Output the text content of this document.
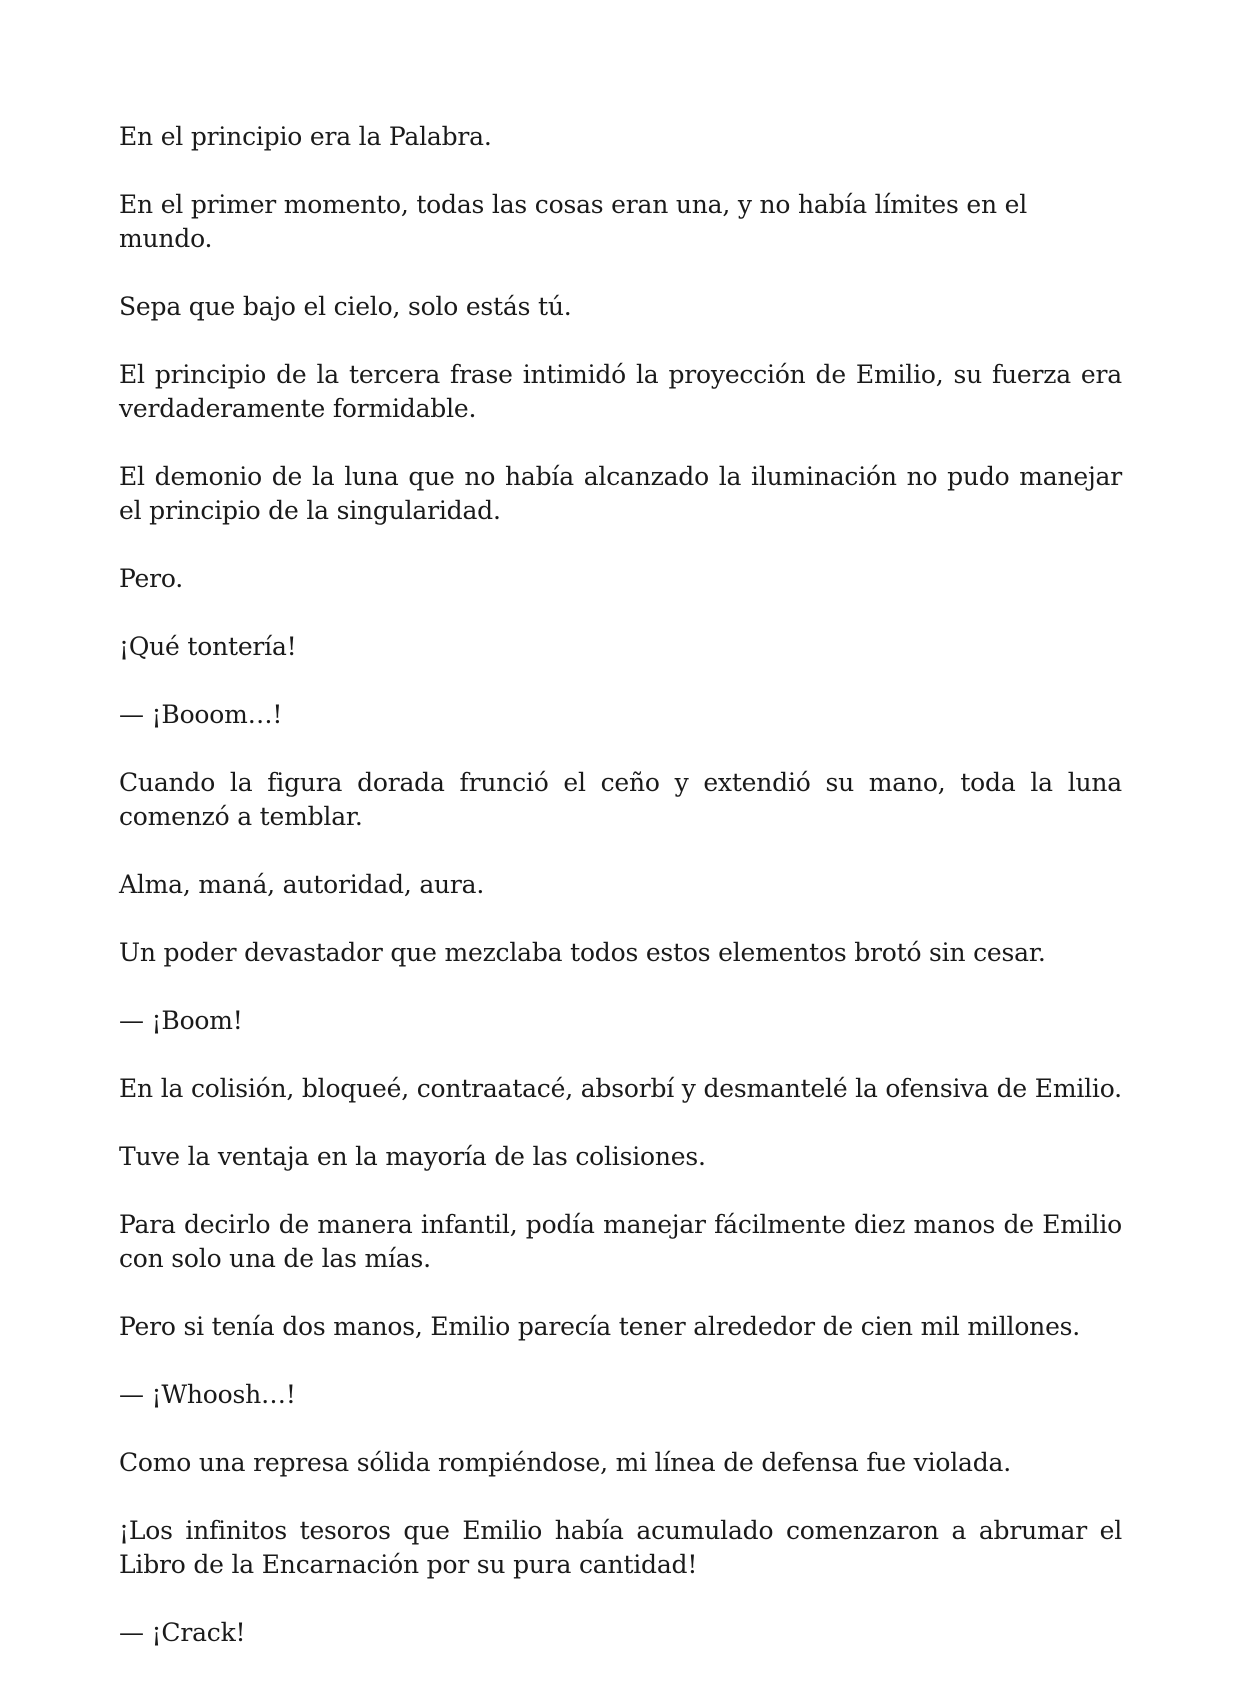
En el principio era la Palabra.

En el primer momento, todas las cosas eran una, y no había límites en el mundo.

Sepa que bajo el cielo, solo estás tú.

El principio de la tercera frase intimidó la proyección de Emilio, su fuerza era verdaderamente formidable.

El demonio de la luna que no había alcanzado la iluminación no pudo manejar el principio de la singularidad.

Pero.

¡Qué tontería!

— ¡Booom…!

Cuando la figura dorada frunció el ceño y extendió su mano, toda la luna comenzó a temblar.

Alma, maná, autoridad, aura.

Un poder devastador que mezclaba todos estos elementos brotó sin cesar.

— ¡Boom!

En la colisión, bloqueé, contraatacé, absorbí y desmantelé la ofensiva de Emilio.

Tuve la ventaja en la mayoría de las colisiones.

Para decirlo de manera infantil, podía manejar fácilmente diez manos de Emilio con solo una de las mías.

Pero si tenía dos manos, Emilio parecía tener alrededor de cien mil millones.

— ¡Whoosh…!

Como una represa sólida rompiéndose, mi línea de defensa fue violada.

¡Los infinitos tesoros que Emilio había acumulado comenzaron a abrumar el Libro de la Encarnación por su pura cantidad!

— ¡Crack!
